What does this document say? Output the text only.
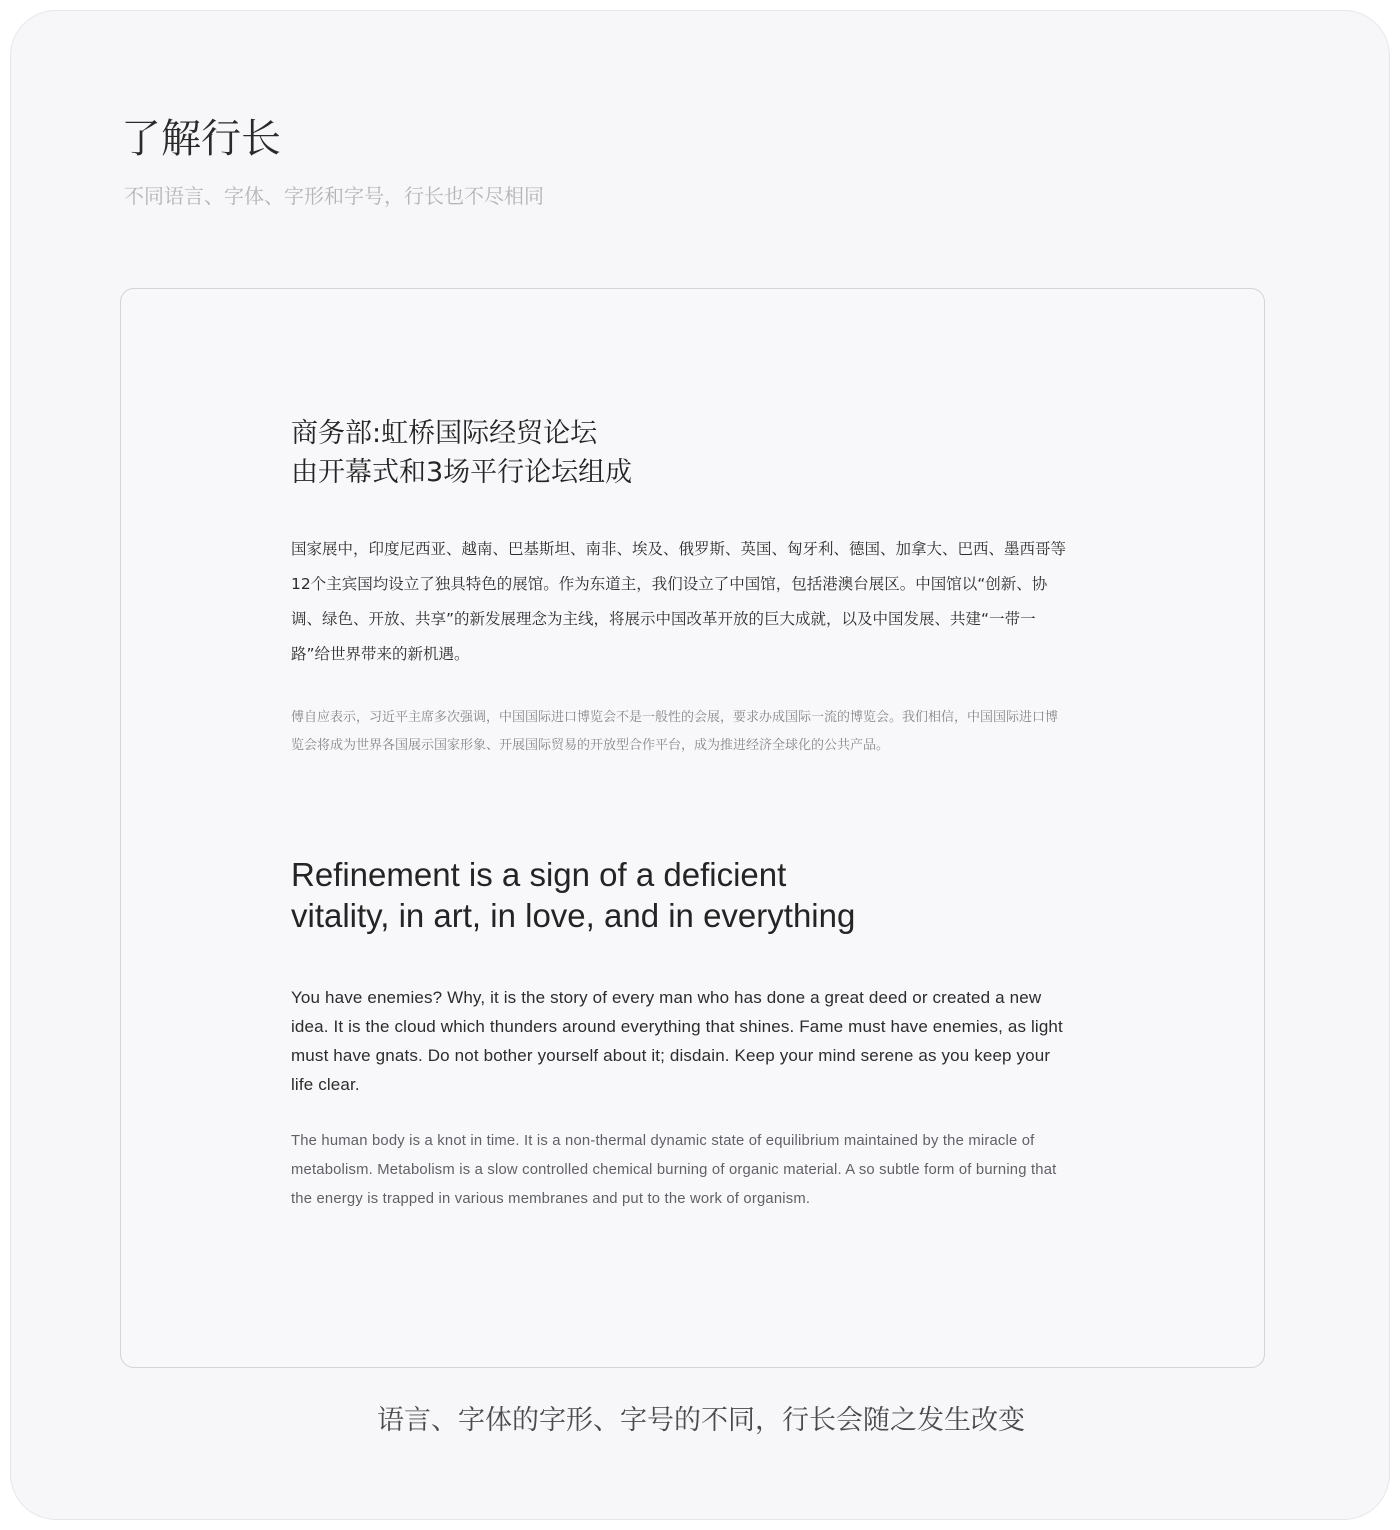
了解行长

不同语言、字体、字形和字号，行长也不尽相同

商务部:虹桥国际经贸论坛
由开幕式和3场平行论坛组成

国家展中，印度尼西亚、越南、巴基斯坦、南非、埃及、俄罗斯、英国、匈牙利、德国、加拿大、巴西、墨西哥等12个主宾国均设立了独具特色的展馆。作为东道主，我们设立了中国馆，包括港澳台展区。中国馆以“创新、协调、绿色、开放、共享”的新发展理念为主线，将展示中国改革开放的巨大成就，以及中国发展、共建“一带一路”给世界带来的新机遇。

傅自应表示，习近平主席多次强调，中国国际进口博览会不是一般性的会展，要求办成国际一流的博览会。我们相信，中国国际进口博览会将成为世界各国展示国家形象、开展国际贸易的开放型合作平台，成为推进经济全球化的公共产品。

Refinement is a sign of a deficient
vitality, in art, in love, and in everything

You have enemies? Why, it is the story of every man who has done a great deed or created a new idea. It is the cloud which thunders around everything that shines. Fame must have enemies, as light must have gnats. Do not bother yourself about it; disdain. Keep your mind serene as you keep your life clear.

The human body is a knot in time. It is a non-thermal dynamic state of equilibrium maintained by the miracle of metabolism. Metabolism is a slow controlled chemical burning of organic material. A so subtle form of burning that the energy is trapped in various membranes and put to the work of organism.

语言、字体的字形、字号的不同，行长会随之发生改变
